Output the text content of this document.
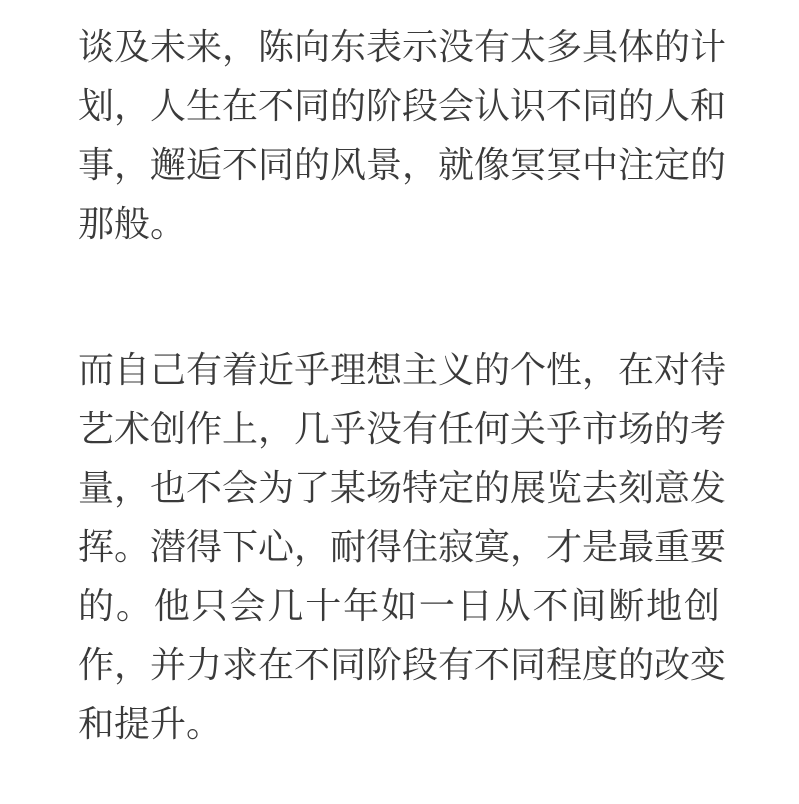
谈及未来，陈向东表示没有太多具体的计
划，人生在不同的阶段会认识不同的人和
事，邂逅不同的风景，就像冥冥中注定的
那般。
而自己有着近乎理想主义的个性，在对待
艺术创作上，几乎没有任何关乎市场的考
量，也不会为了某场特定的展览去刻意发
挥。潜得下心，耐得住寂寞，才是最重要
的。他只会几十年如一日从不间断地创
作，并力求在不同阶段有不同程度的改变
和提升。
